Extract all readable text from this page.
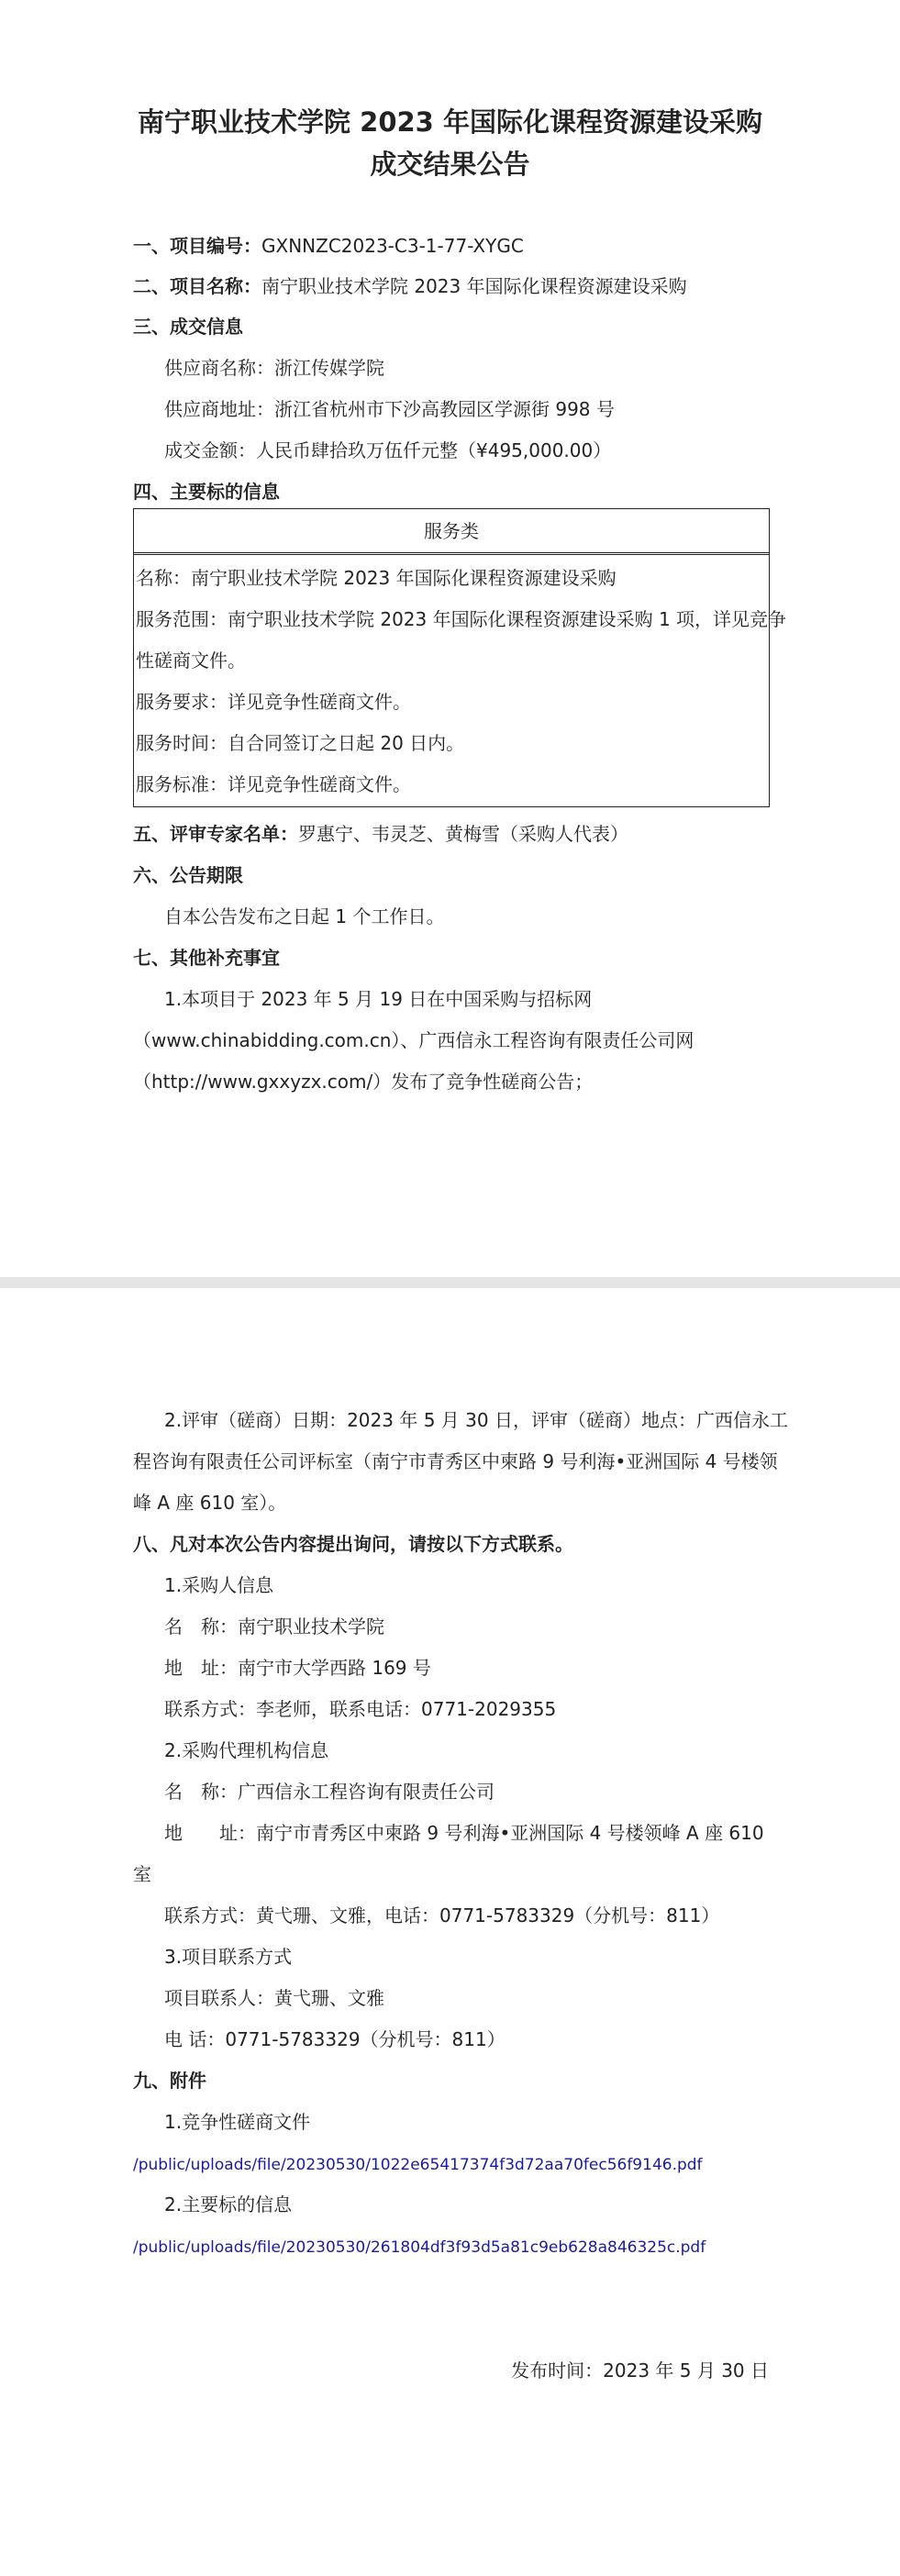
南宁职业技术学院 2023 年国际化课程资源建设采购
成交结果公告
一、项目编号：GXNNZC2023-C3-1-77-XYGC
二、项目名称：南宁职业技术学院 2023 年国际化课程资源建设采购
三、成交信息
供应商名称：浙江传媒学院
供应商地址：浙江省杭州市下沙高教园区学源街 998 号
成交金额：人民币肆拾玖万伍仟元整（¥495,000.00）
四、主要标的信息
服务类
名称：南宁职业技术学院 2023 年国际化课程资源建设采购
服务范围：南宁职业技术学院 2023 年国际化课程资源建设采购 1 项，详见竞争
性磋商文件。
服务要求：详见竞争性磋商文件。
服务时间：自合同签订之日起 20 日内。
服务标准：详见竞争性磋商文件。
五、评审专家名单：罗惠宁、韦灵芝、黄梅雪（采购人代表）
六、公告期限
自本公告发布之日起 1 个工作日。
七、其他补充事宜
1.本项目于 2023 年 5 月 19 日在中国采购与招标网
（www.chinabidding.com.cn）、广西信永工程咨询有限责任公司网
（http://www.gxxyzx.com/）发布了竞争性磋商公告；
2.评审（磋商）日期：2023 年 5 月 30 日，评审（磋商）地点：广西信永工
程咨询有限责任公司评标室（南宁市青秀区中柬路 9 号利海•亚洲国际 4 号楼领
峰 A 座 610 室）。
八、凡对本次公告内容提出询问，请按以下方式联系。
1.采购人信息
名　称：南宁职业技术学院
地　址：南宁市大学西路 169 号
联系方式：李老师，联系电话：0771-2029355
2.采购代理机构信息
名　称：广西信永工程咨询有限责任公司
地　　址：南宁市青秀区中柬路 9 号利海•亚洲国际 4 号楼领峰 A 座 610
室
联系方式：黄弋珊、文雅，电话：0771-5783329（分机号：811）
3.项目联系方式
项目联系人：黄弋珊、文雅
电 话：0771-5783329（分机号：811）
九、附件
1.竞争性磋商文件
/public/uploads/file/20230530/1022e65417374f3d72aa70fec56f9146.pdf
2.主要标的信息
/public/uploads/file/20230530/261804df3f93d5a81c9eb628a846325c.pdf
发布时间：2023 年 5 月 30 日
